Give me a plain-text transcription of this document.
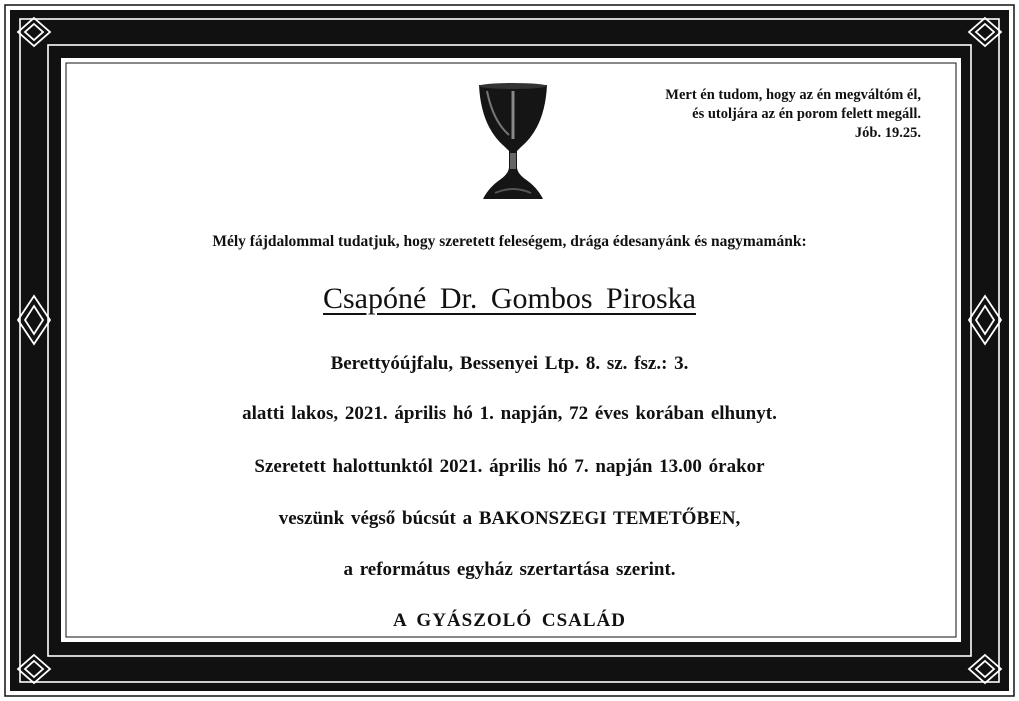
Mert én tudom, hogy az én megváltóm él,
és utoljára az én porom felett megáll.
Jób. 19.25.
Mély fájdalommal tudatjuk, hogy szeretett feleségem, drága édesanyánk és nagymamánk:
Csapóné Dr. Gombos Piroska
Berettyóújfalu, Bessenyei Ltp. 8. sz. fsz.: 3.
alatti lakos, 2021. április hó 1. napján, 72 éves korában elhunyt.
Szeretett halottunktól 2021. április hó 7. napján 13.00 órakor
veszünk végső búcsút a BAKONSZEGI TEMETŐBEN,
a református egyház szertartása szerint.
A GYÁSZOLÓ CSALÁD
